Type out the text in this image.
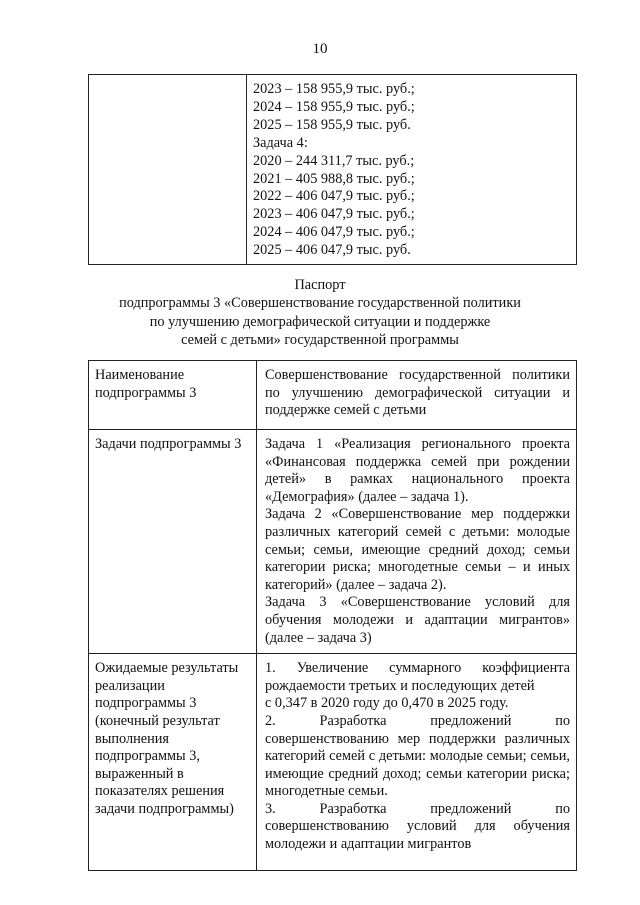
10

2023 – 158 955,9 тыс. руб.;
2024 – 158 955,9 тыс. руб.;
2025 – 158 955,9 тыс. руб.
Задача 4:
2020 – 244 311,7 тыс. руб.;
2021 – 405 988,8 тыс. руб.;
2022 – 406 047,9 тыс. руб.;
2023 – 406 047,9 тыс. руб.;
2024 – 406 047,9 тыс. руб.;
2025 – 406 047,9 тыс. руб.
Паспорт
подпрограммы 3 «Совершенствование государственной политики
по улучшению демографической ситуации и поддержке
семей с детьми» государственной программы
Наименование подпрограммы 3	Совершенствование государственной политики по улучшению демографической ситуации и поддержке семей с детьми
Задачи подпрограммы 3	Задача 1 «Реализация регионального проекта «Финансовая поддержка семей при рождении детей» в рамках национального проекта «Демография» (далее – задача 1).

Задача 2 «Совершенствование мер поддержки различных категорий семей с детьми: молодые семьи; семьи, имеющие средний доход; семьи категории риска; многодетные семьи – и иных категорий» (далее – задача 2).

Задача 3 «Совершенствование условий для обучения молодежи и адаптации мигрантов» (далее – задача 3)

Ожидаемые результаты реализации подпрограммы 3 (конечный результат выполнения подпрограммы 3, выраженный в показателях решения задачи подпрограммы)	1. Увеличение суммарного коэффициента рождаемости третьих и последующих детей

с 0,347 в 2020 году до 0,470 в 2025 году.

2. Разработка предложений по совершенствованию мер поддержки различных категорий семей с детьми: молодые семьи; семьи, имеющие средний доход; семьи категории риска; многодетные семьи.

3. Разработка предложений по совершенствованию условий для обучения молодежи и адаптации мигрантов
